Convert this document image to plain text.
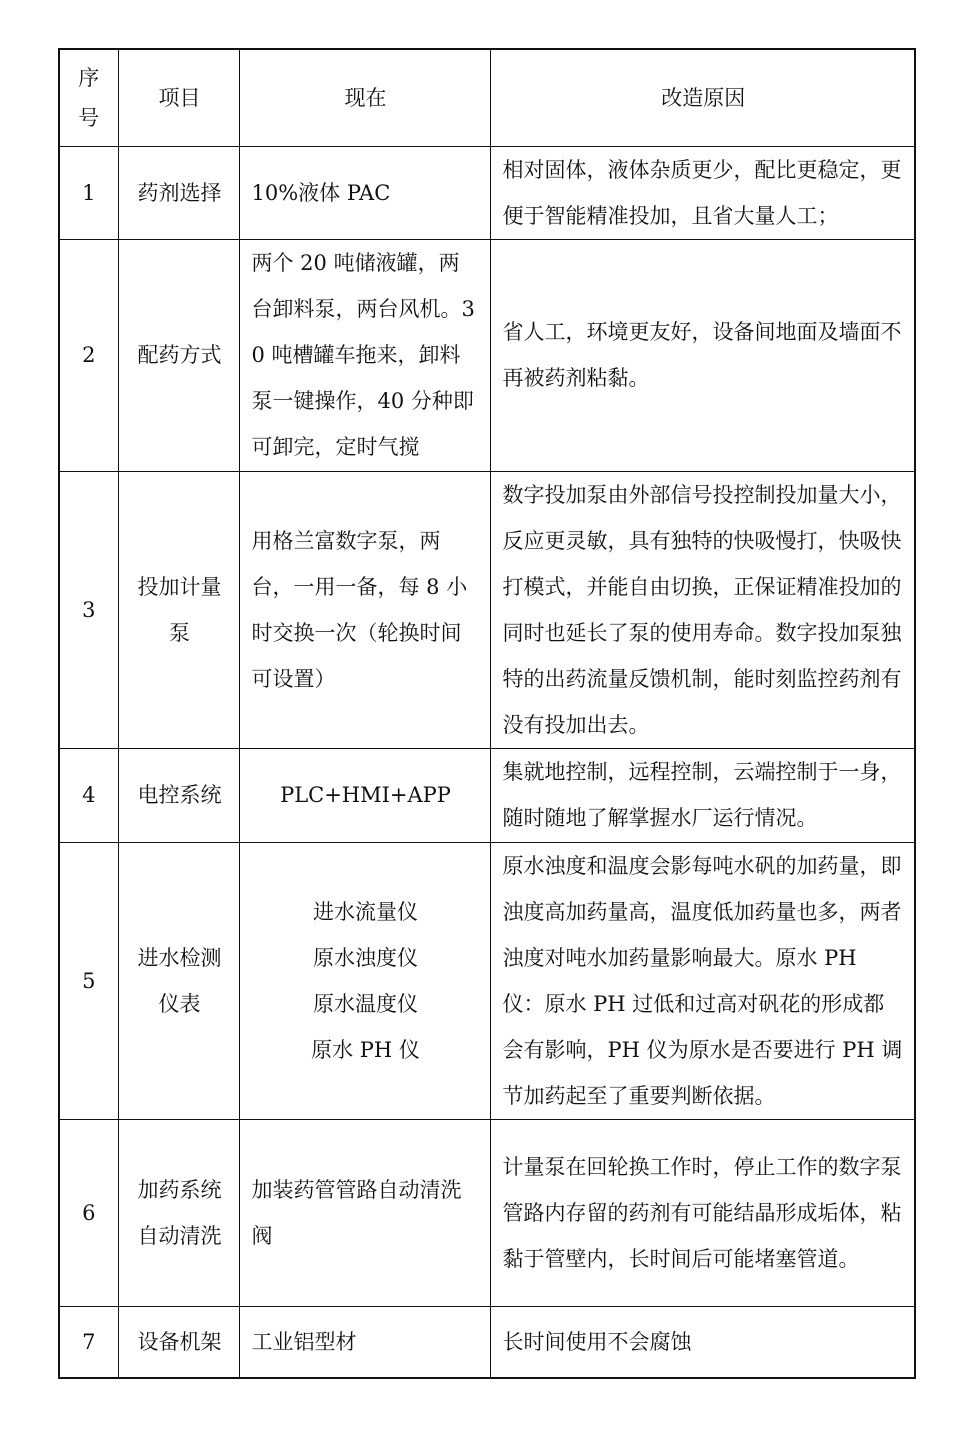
序
号	项目	现在	改造原因
1	药剂选择	10%液体 PAC	相对固体，液体杂质更少，配比更稳定，更便于智能精准投加，且省大量人工；
2	配药方式	两个 20 吨储液罐，两台卸料泵，两台风机。30 吨槽罐车拖来，卸料泵一键操作，40 分种即可卸完，定时气搅	省人工，环境更友好，设备间地面及墙面不再被药剂粘黏。
3	投加计量泵	用格兰富数字泵，两台，一用一备，每 8 小时交换一次（轮换时间可设置）	数字投加泵由外部信号投控制投加量大小，反应更灵敏，具有独特的快吸慢打，快吸快打模式，并能自由切换，正保证精准投加的同时也延长了泵的使用寿命。数字投加泵独特的出药流量反馈机制，能时刻监控药剂有没有投加出去。
4	电控系统	PLC+HMI+APP	集就地控制，远程控制，云端控制于一身，随时随地了解掌握水厂运行情况。
5	进水检测仪表	进水流量仪
原水浊度仪
原水温度仪
原水 PH 仪	原水浊度和温度会影每吨水矾的加药量，即浊度高加药量高，温度低加药量也多，两者浊度对吨水加药量影响最大。原水 PH 仪：原水 PH 过低和过高对矾花的形成都会有影响，PH 仪为原水是否要进行 PH 调节加药起至了重要判断依据。
6	加药系统自动清洗	加装药管管路自动清洗阀	计量泵在回轮换工作时，停止工作的数字泵管路内存留的药剂有可能结晶形成垢体，粘黏于管壁内，长时间后可能堵塞管道。
7	设备机架	工业铝型材	长时间使用不会腐蚀
